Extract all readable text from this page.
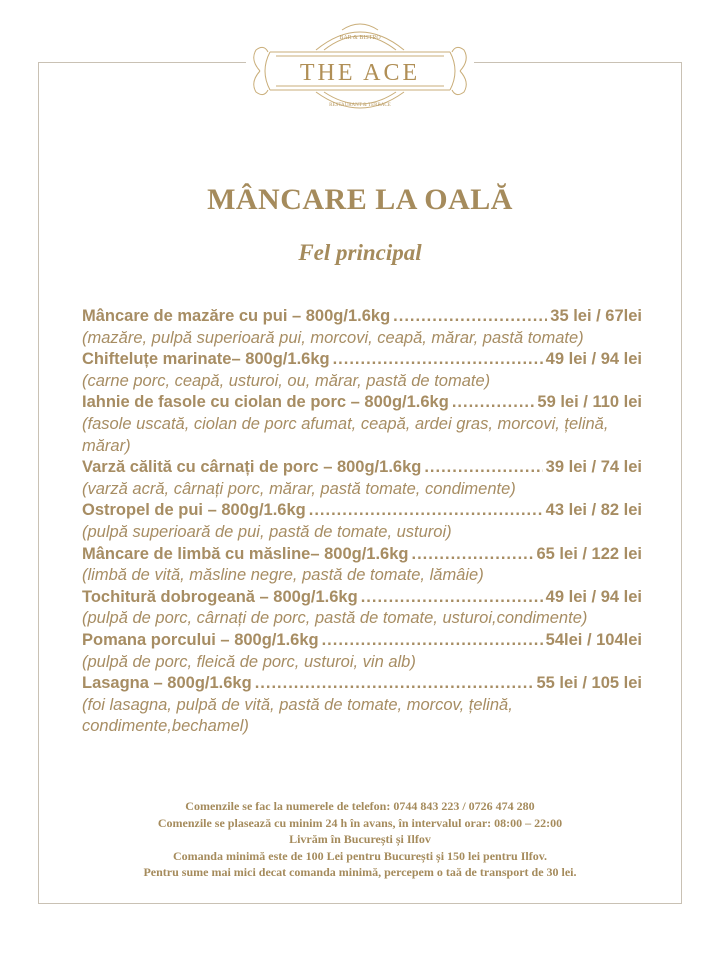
BAR & BISTRO
THE ACE
RESTAURANT & TERRACE
MÂNCARE LA OALĂ
Fel principal
Mâncare de mazăre cu pui – 800g/1.6kg .....	35 lei / 67lei
(mazăre, pulpă superioară pui, morcovi, ceapă, mărar, pastă tomate)
Chifteluțe marinate– 800g/1.6kg .....	49 lei / 94 lei
(carne porc, ceapă, usturoi, ou, mărar, pastă de tomate)
Iahnie de fasole cu ciolan de porc – 800g/1.6kg .....	59 lei / 110 lei
(fasole uscată, ciolan de porc afumat, ceapă, ardei gras, morcovi, țelină, mărar)
Varză călită cu cârnați de porc – 800g/1.6kg .....	39 lei / 74 lei
(varză acră, cârnați porc, mărar, pastă tomate, condimente)
Ostropel de pui – 800g/1.6kg .....	43 lei / 82 lei
(pulpă superioară de pui, pastă de tomate, usturoi)
Mâncare de limbă cu măsline– 800g/1.6kg .....	65 lei / 122 lei
(limbă de vită, măsline negre, pastă de tomate, lămâie)
Tochitură dobrogeană – 800g/1.6kg .....	49 lei / 94 lei
(pulpă de porc, cârnați de porc, pastă de tomate, usturoi,condimente)
Pomana porcului – 800g/1.6kg .....	54lei / 104lei
(pulpă de porc, fleică de porc, usturoi, vin alb)
Lasagna – 800g/1.6kg .....	55 lei / 105 lei
(foi lasagna, pulpă de vită, pastă de tomate, morcov, țelină, condimente,bechamel)
Comenzile se fac la numerele de telefon: 0744 843 223 / 0726 474 280
Comenzile se plasează cu minim 24 h în avans, în intervalul orar: 08:00 – 22:00
Livrăm în București și Ilfov
Comanda minimă este de 100 Lei pentru București și 150 lei pentru Ilfov.
Pentru sume mai mici decat comanda minimă, percepem o taă de transport de 30 lei.
